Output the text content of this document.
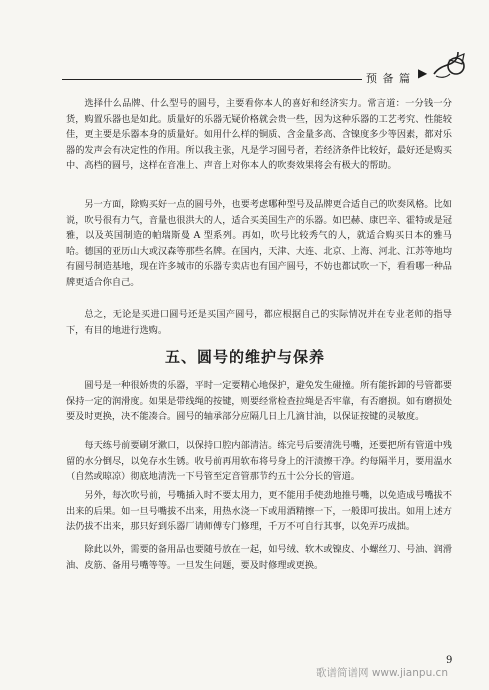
预 备 篇 ▶

选择什么品牌、什么型号的圆号，主要看你本人的喜好和经济实力。常言道：一分钱一分货，购置乐器也是如此。质量好的乐器无疑价格就会贵一些，因为这种乐器的工艺考究、性能较佳，更主要是乐器本身的质量好。如用什么样的铜质、含金量多高、含镍度多少等因素，都对乐器的发声会有决定性的作用。所以我主张，凡是学习圆号者，若经济条件比较好，最好还是购买中、高档的圆号，这样在音准上、声音上对你本人的吹奏效果将会有极大的帮助。

另一方面，除购买好一点的圆号外，也要考虑哪种型号及品牌更合适自己的吹奏风格。比如说，吹号很有力气，音量也很洪大的人，适合买美国生产的乐器。如巴赫、康巴辛、霍特或是冠雅，以及英国制造的帕瑞斯曼 A 型系列。再如，吹号比较秀气的人，就适合购买日本的雅马哈。德国的亚历山大或汉森等那些名牌。在国内，天津、大连、北京、上海、河北、江苏等地均有圆号制造基地，现在许多城市的乐器专卖店也有国产圆号，不妨也都试吹一下，看看哪一种品牌更适合你自己。

总之，无论是买进口圆号还是买国产圆号，都应根据自己的实际情况并在专业老师的指导下，有目的地进行选购。

五、圆号的维护与保养

圆号是一种很娇贵的乐器，平时一定要精心地保护，避免发生碰撞。所有能拆卸的号管都要保持一定的润滑度。如果是带线绳的按键，则要经常检查拉绳是否牢靠，有否磨损。如有磨损处要及时更换，决不能凑合。圆号的轴承部分应隔几日上几滴甘油，以保证按键的灵敏度。

每天练号前要刷牙漱口，以保持口腔内部清洁。练完号后要清洗号嘴，还要把所有管道中残留的水分倒尽，以免存水生锈。收号前再用软布将号身上的汗渍擦干净。约每隔半月，要用温水（自然或晾凉）彻底地清洗一下号管至定音管那节约五十公分长的管道。

另外，每次吹号前，号嘴插入时不要太用力，更不能用手使劲地推号嘴，以免造成号嘴拔不出来的后果。如一旦号嘴拔不出来，用热水浇一下或用酒精擦一下，一般即可拔出。如用上述方法仍拔不出来，那只好到乐器厂请师傅专门修理，千万不可自行其事，以免弄巧成拙。

除此以外，需要的备用品也要随号放在一起，如号绒、软木或镍皮、小螺丝刀、号油、润滑油、皮筋、备用号嘴等等。一旦发生问题，要及时修理或更换。

9
歌谱简谱网 www.jianpu.cn
